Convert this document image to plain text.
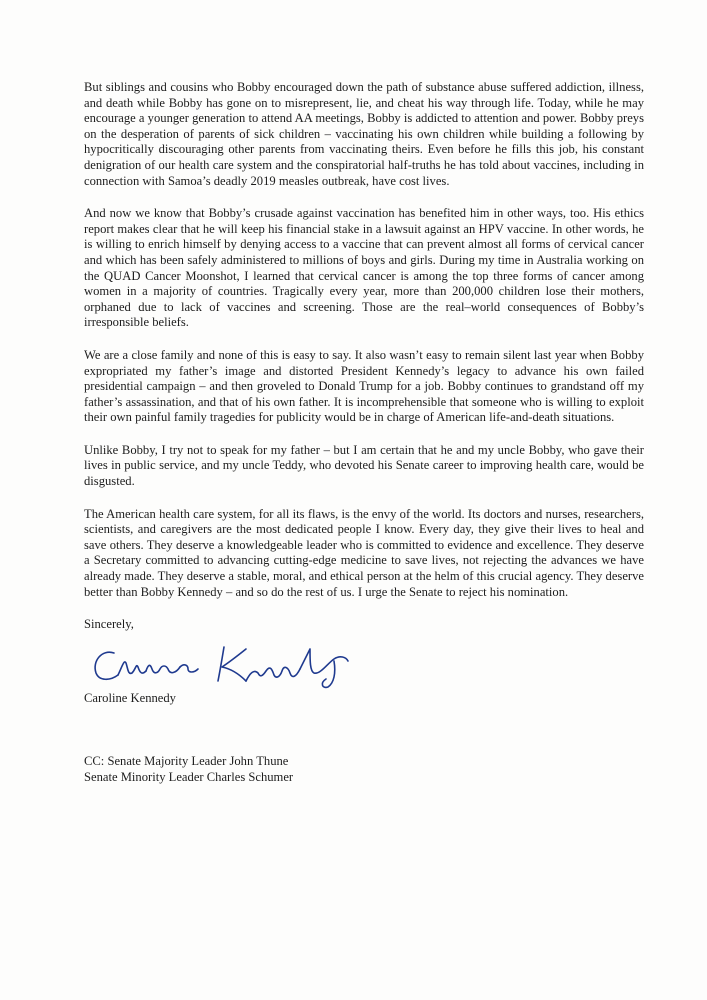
But siblings and cousins who Bobby encouraged down the path of substance abuse suffered addiction, illness, and death while Bobby has gone on to misrepresent, lie, and cheat his way through life. Today, while he may encourage a younger generation to attend AA meetings, Bobby is addicted to attention and power. Bobby preys on the desperation of parents of sick children – vaccinating his own children while building a following by hypocritically discouraging other parents from vaccinating theirs. Even before he fills this job, his constant denigration of our health care system and the conspiratorial half-truths he has told about vaccines, including in connection with Samoa’s deadly 2019 measles outbreak, have cost lives.

And now we know that Bobby’s crusade against vaccination has benefited him in other ways, too. His ethics report makes clear that he will keep his financial stake in a lawsuit against an HPV vaccine. In other words, he is willing to enrich himself by denying access to a vaccine that can prevent almost all forms of cervical cancer and which has been safely administered to millions of boys and girls. During my time in Australia working on the QUAD Cancer Moonshot, I learned that cervical cancer is among the top three forms of cancer among women in a majority of countries. Tragically every year, more than 200,000 children lose their mothers, orphaned due to lack of vaccines and screening. Those are the real–world consequences of Bobby’s irresponsible beliefs.

We are a close family and none of this is easy to say. It also wasn’t easy to remain silent last year when Bobby expropriated my father’s image and distorted President Kennedy’s legacy to advance his own failed presidential campaign – and then groveled to Donald Trump for a job. Bobby continues to grandstand off my father’s assassination, and that of his own father. It is incomprehensible that someone who is willing to exploit their own painful family tragedies for publicity would be in charge of American life-and-death situations.

Unlike Bobby, I try not to speak for my father – but I am certain that he and my uncle Bobby, who gave their lives in public service, and my uncle Teddy, who devoted his Senate career to improving health care, would be disgusted.

The American health care system, for all its flaws, is the envy of the world. Its doctors and nurses, researchers, scientists, and caregivers are the most dedicated people I know. Every day, they give their lives to heal and save others. They deserve a knowledgeable leader who is committed to evidence and excellence. They deserve a Secretary committed to advancing cutting-edge medicine to save lives, not rejecting the advances we have already made. They deserve a stable, moral, and ethical person at the helm of this crucial agency. They deserve better than Bobby Kennedy – and so do the rest of us. I urge the Senate to reject his nomination.

Sincerely,

Caroline Kennedy

CC: Senate Majority Leader John Thune

Senate Minority Leader Charles Schumer
